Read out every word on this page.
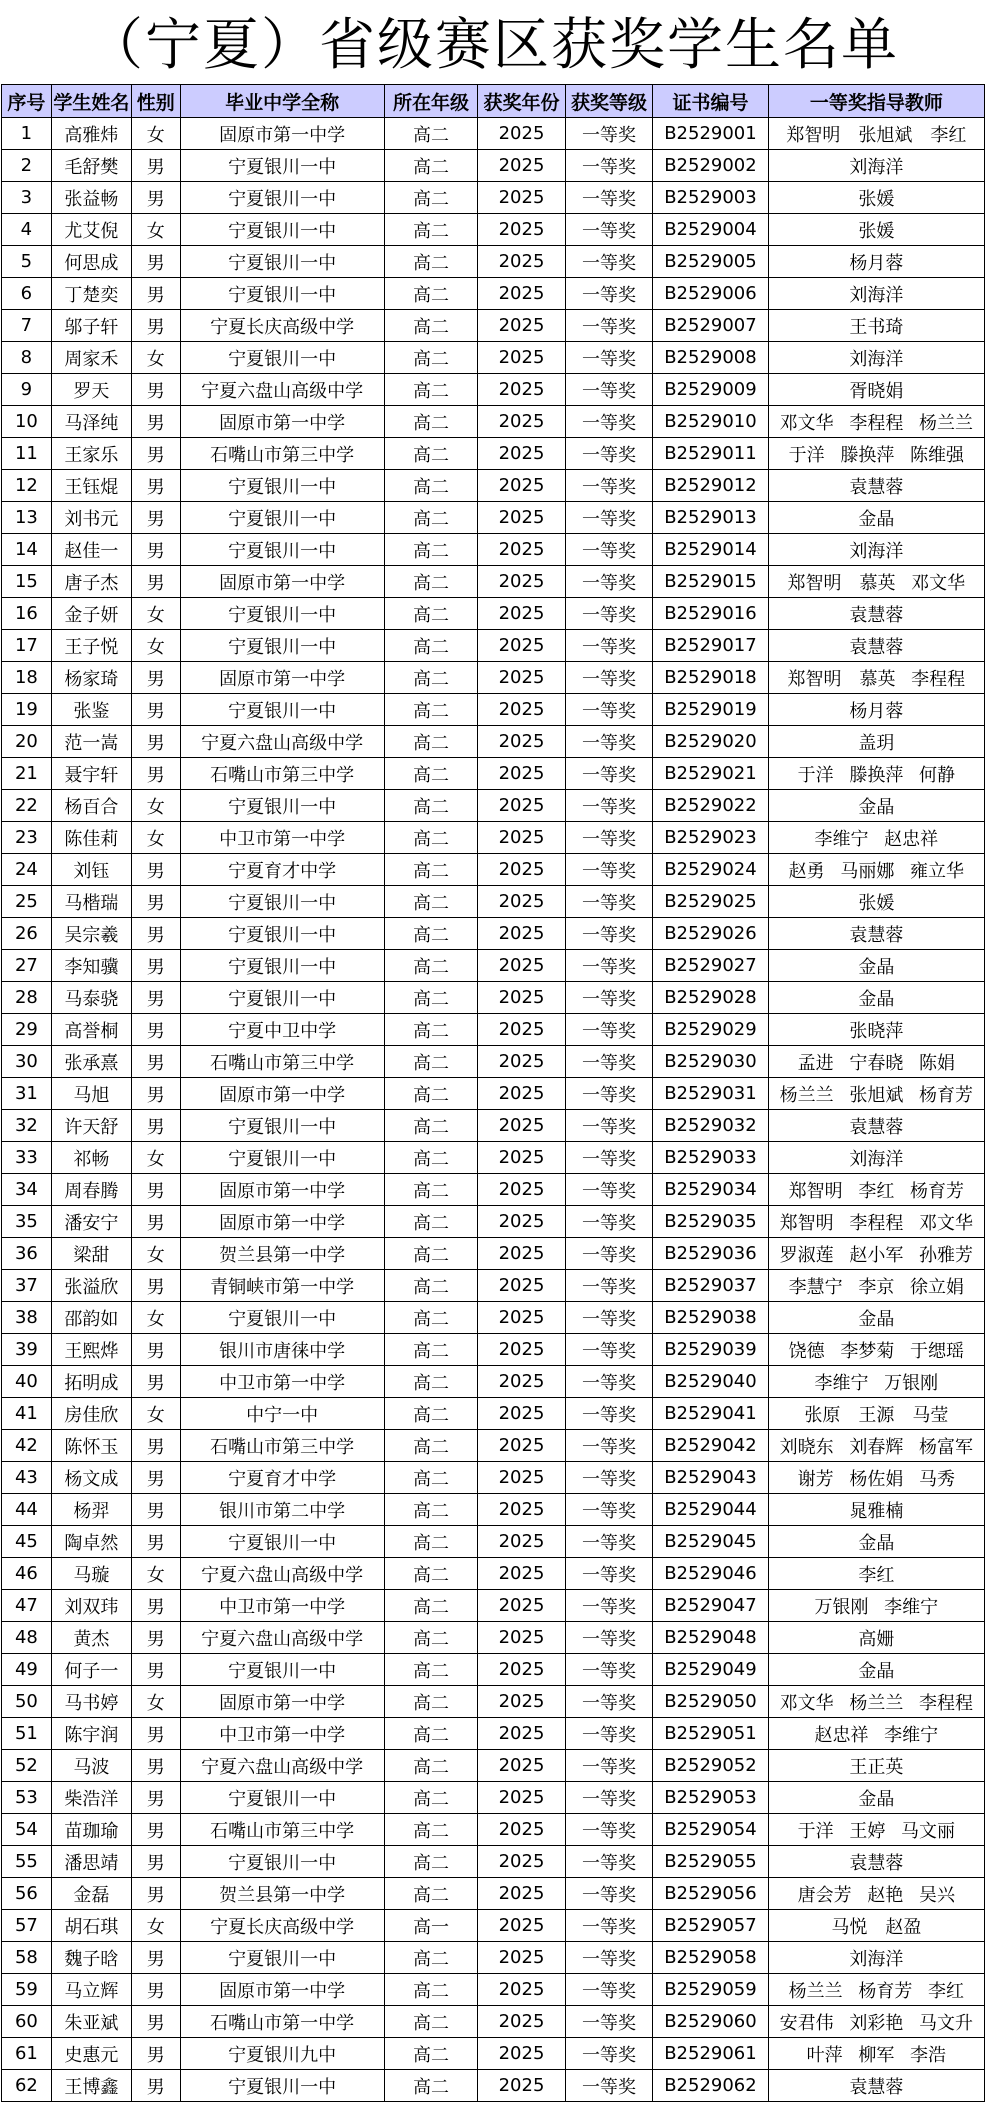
（宁夏）省级赛区获奖学生名单
序号	学生姓名	性别	毕业中学全称	所在年级	获奖年份	获奖等级	证书编号	一等奖指导教师
1	高雅炜	女	固原市第一中学	高二	2025	一等奖	B2529001	郑智明　张旭斌　李红
2	毛舒樊	男	宁夏银川一中	高二	2025	一等奖	B2529002	刘海洋
3	张益畅	男	宁夏银川一中	高二	2025	一等奖	B2529003	张媛
4	尤艾倪	女	宁夏银川一中	高二	2025	一等奖	B2529004	张媛
5	何思成	男	宁夏银川一中	高二	2025	一等奖	B2529005	杨月蓉
6	丁楚奕	男	宁夏银川一中	高二	2025	一等奖	B2529006	刘海洋
7	邬子轩	男	宁夏长庆高级中学	高二	2025	一等奖	B2529007	王书琦
8	周家禾	女	宁夏银川一中	高二	2025	一等奖	B2529008	刘海洋
9	罗天	男	宁夏六盘山高级中学	高二	2025	一等奖	B2529009	胥晓娟
10	马泽纯	男	固原市第一中学	高二	2025	一等奖	B2529010	邓文华 李程程 杨兰兰
11	王家乐	男	石嘴山市第三中学	高二	2025	一等奖	B2529011	于洋 滕换萍 陈维强
12	王钰焜	男	宁夏银川一中	高二	2025	一等奖	B2529012	袁慧蓉
13	刘书元	男	宁夏银川一中	高二	2025	一等奖	B2529013	金晶
14	赵佳一	男	宁夏银川一中	高二	2025	一等奖	B2529014	刘海洋
15	唐子杰	男	固原市第一中学	高二	2025	一等奖	B2529015	郑智明　慕英 邓文华
16	金子妍	女	宁夏银川一中	高二	2025	一等奖	B2529016	袁慧蓉
17	王子悦	女	宁夏银川一中	高二	2025	一等奖	B2529017	袁慧蓉
18	杨家琦	男	固原市第一中学	高二	2025	一等奖	B2529018	郑智明　慕英 李程程
19	张鉴	男	宁夏银川一中	高二	2025	一等奖	B2529019	杨月蓉
20	范一嵩	男	宁夏六盘山高级中学	高二	2025	一等奖	B2529020	盖玥
21	聂宇轩	男	石嘴山市第三中学	高二	2025	一等奖	B2529021	于洋 滕换萍 何静
22	杨百合	女	宁夏银川一中	高二	2025	一等奖	B2529022	金晶
23	陈佳莉	女	中卫市第一中学	高二	2025	一等奖	B2529023	李维宁 赵忠祥
24	刘钰	男	宁夏育才中学	高二	2025	一等奖	B2529024	赵勇 马丽娜 雍立华
25	马楷瑞	男	宁夏银川一中	高二	2025	一等奖	B2529025	张媛
26	吴宗羲	男	宁夏银川一中	高二	2025	一等奖	B2529026	袁慧蓉
27	李知骥	男	宁夏银川一中	高二	2025	一等奖	B2529027	金晶
28	马泰骁	男	宁夏银川一中	高二	2025	一等奖	B2529028	金晶
29	高誉桐	男	宁夏中卫中学	高二	2025	一等奖	B2529029	张晓萍
30	张承熹	男	石嘴山市第三中学	高二	2025	一等奖	B2529030	孟进 宁春晓 陈娟
31	马旭	男	固原市第一中学	高二	2025	一等奖	B2529031	杨兰兰 张旭斌 杨育芳
32	许天舒	男	宁夏银川一中	高二	2025	一等奖	B2529032	袁慧蓉
33	祁畅	女	宁夏银川一中	高二	2025	一等奖	B2529033	刘海洋
34	周春腾	男	固原市第一中学	高二	2025	一等奖	B2529034	郑智明 李红 杨育芳
35	潘安宁	男	固原市第一中学	高二	2025	一等奖	B2529035	郑智明 李程程 邓文华
36	梁甜	女	贺兰县第一中学	高二	2025	一等奖	B2529036	罗淑莲 赵小军 孙雅芳
37	张溢欣	男	青铜峡市第一中学	高二	2025	一等奖	B2529037	李慧宁 李京 徐立娟
38	邵韵如	女	宁夏银川一中	高二	2025	一等奖	B2529038	金晶
39	王熙烨	男	银川市唐徕中学	高二	2025	一等奖	B2529039	饶德 李梦菊 于缌瑶
40	拓明成	男	中卫市第一中学	高二	2025	一等奖	B2529040	李维宁 万银刚
41	房佳欣	女	中宁一中	高二	2025	一等奖	B2529041	张原　王源　马莹
42	陈怀玉	男	石嘴山市第三中学	高二	2025	一等奖	B2529042	刘晓东 刘春辉 杨富军
43	杨文成	男	宁夏育才中学	高二	2025	一等奖	B2529043	谢芳 杨佐娟 马秀
44	杨羿	男	银川市第二中学	高二	2025	一等奖	B2529044	晁雅楠
45	陶卓然	男	宁夏银川一中	高二	2025	一等奖	B2529045	金晶
46	马璇	女	宁夏六盘山高级中学	高二	2025	一等奖	B2529046	李红
47	刘双玮	男	中卫市第一中学	高二	2025	一等奖	B2529047	万银刚 李维宁
48	黄杰	男	宁夏六盘山高级中学	高二	2025	一等奖	B2529048	高姗
49	何子一	男	宁夏银川一中	高二	2025	一等奖	B2529049	金晶
50	马书婷	女	固原市第一中学	高二	2025	一等奖	B2529050	邓文华 杨兰兰 李程程
51	陈宇润	男	中卫市第一中学	高二	2025	一等奖	B2529051	赵忠祥 李维宁
52	马波	男	宁夏六盘山高级中学	高二	2025	一等奖	B2529052	王正英
53	柴浩洋	男	宁夏银川一中	高二	2025	一等奖	B2529053	金晶
54	苗珈瑜	男	石嘴山市第三中学	高二	2025	一等奖	B2529054	于洋 王婷 马文丽
55	潘思靖	男	宁夏银川一中	高二	2025	一等奖	B2529055	袁慧蓉
56	金磊	男	贺兰县第一中学	高二	2025	一等奖	B2529056	唐会芳 赵艳 吴兴
57	胡石琪	女	宁夏长庆高级中学	高一	2025	一等奖	B2529057	马悦　赵盈
58	魏子晗	男	宁夏银川一中	高二	2025	一等奖	B2529058	刘海洋
59	马立辉	男	固原市第一中学	高二	2025	一等奖	B2529059	杨兰兰 杨育芳 李红
60	朱亚斌	男	石嘴山市第一中学	高二	2025	一等奖	B2529060	安君伟 刘彩艳 马文升
61	史惠元	男	宁夏银川九中	高二	2025	一等奖	B2529061	叶萍 柳军 李浩
62	王博鑫	男	宁夏银川一中	高二	2025	一等奖	B2529062	袁慧蓉
